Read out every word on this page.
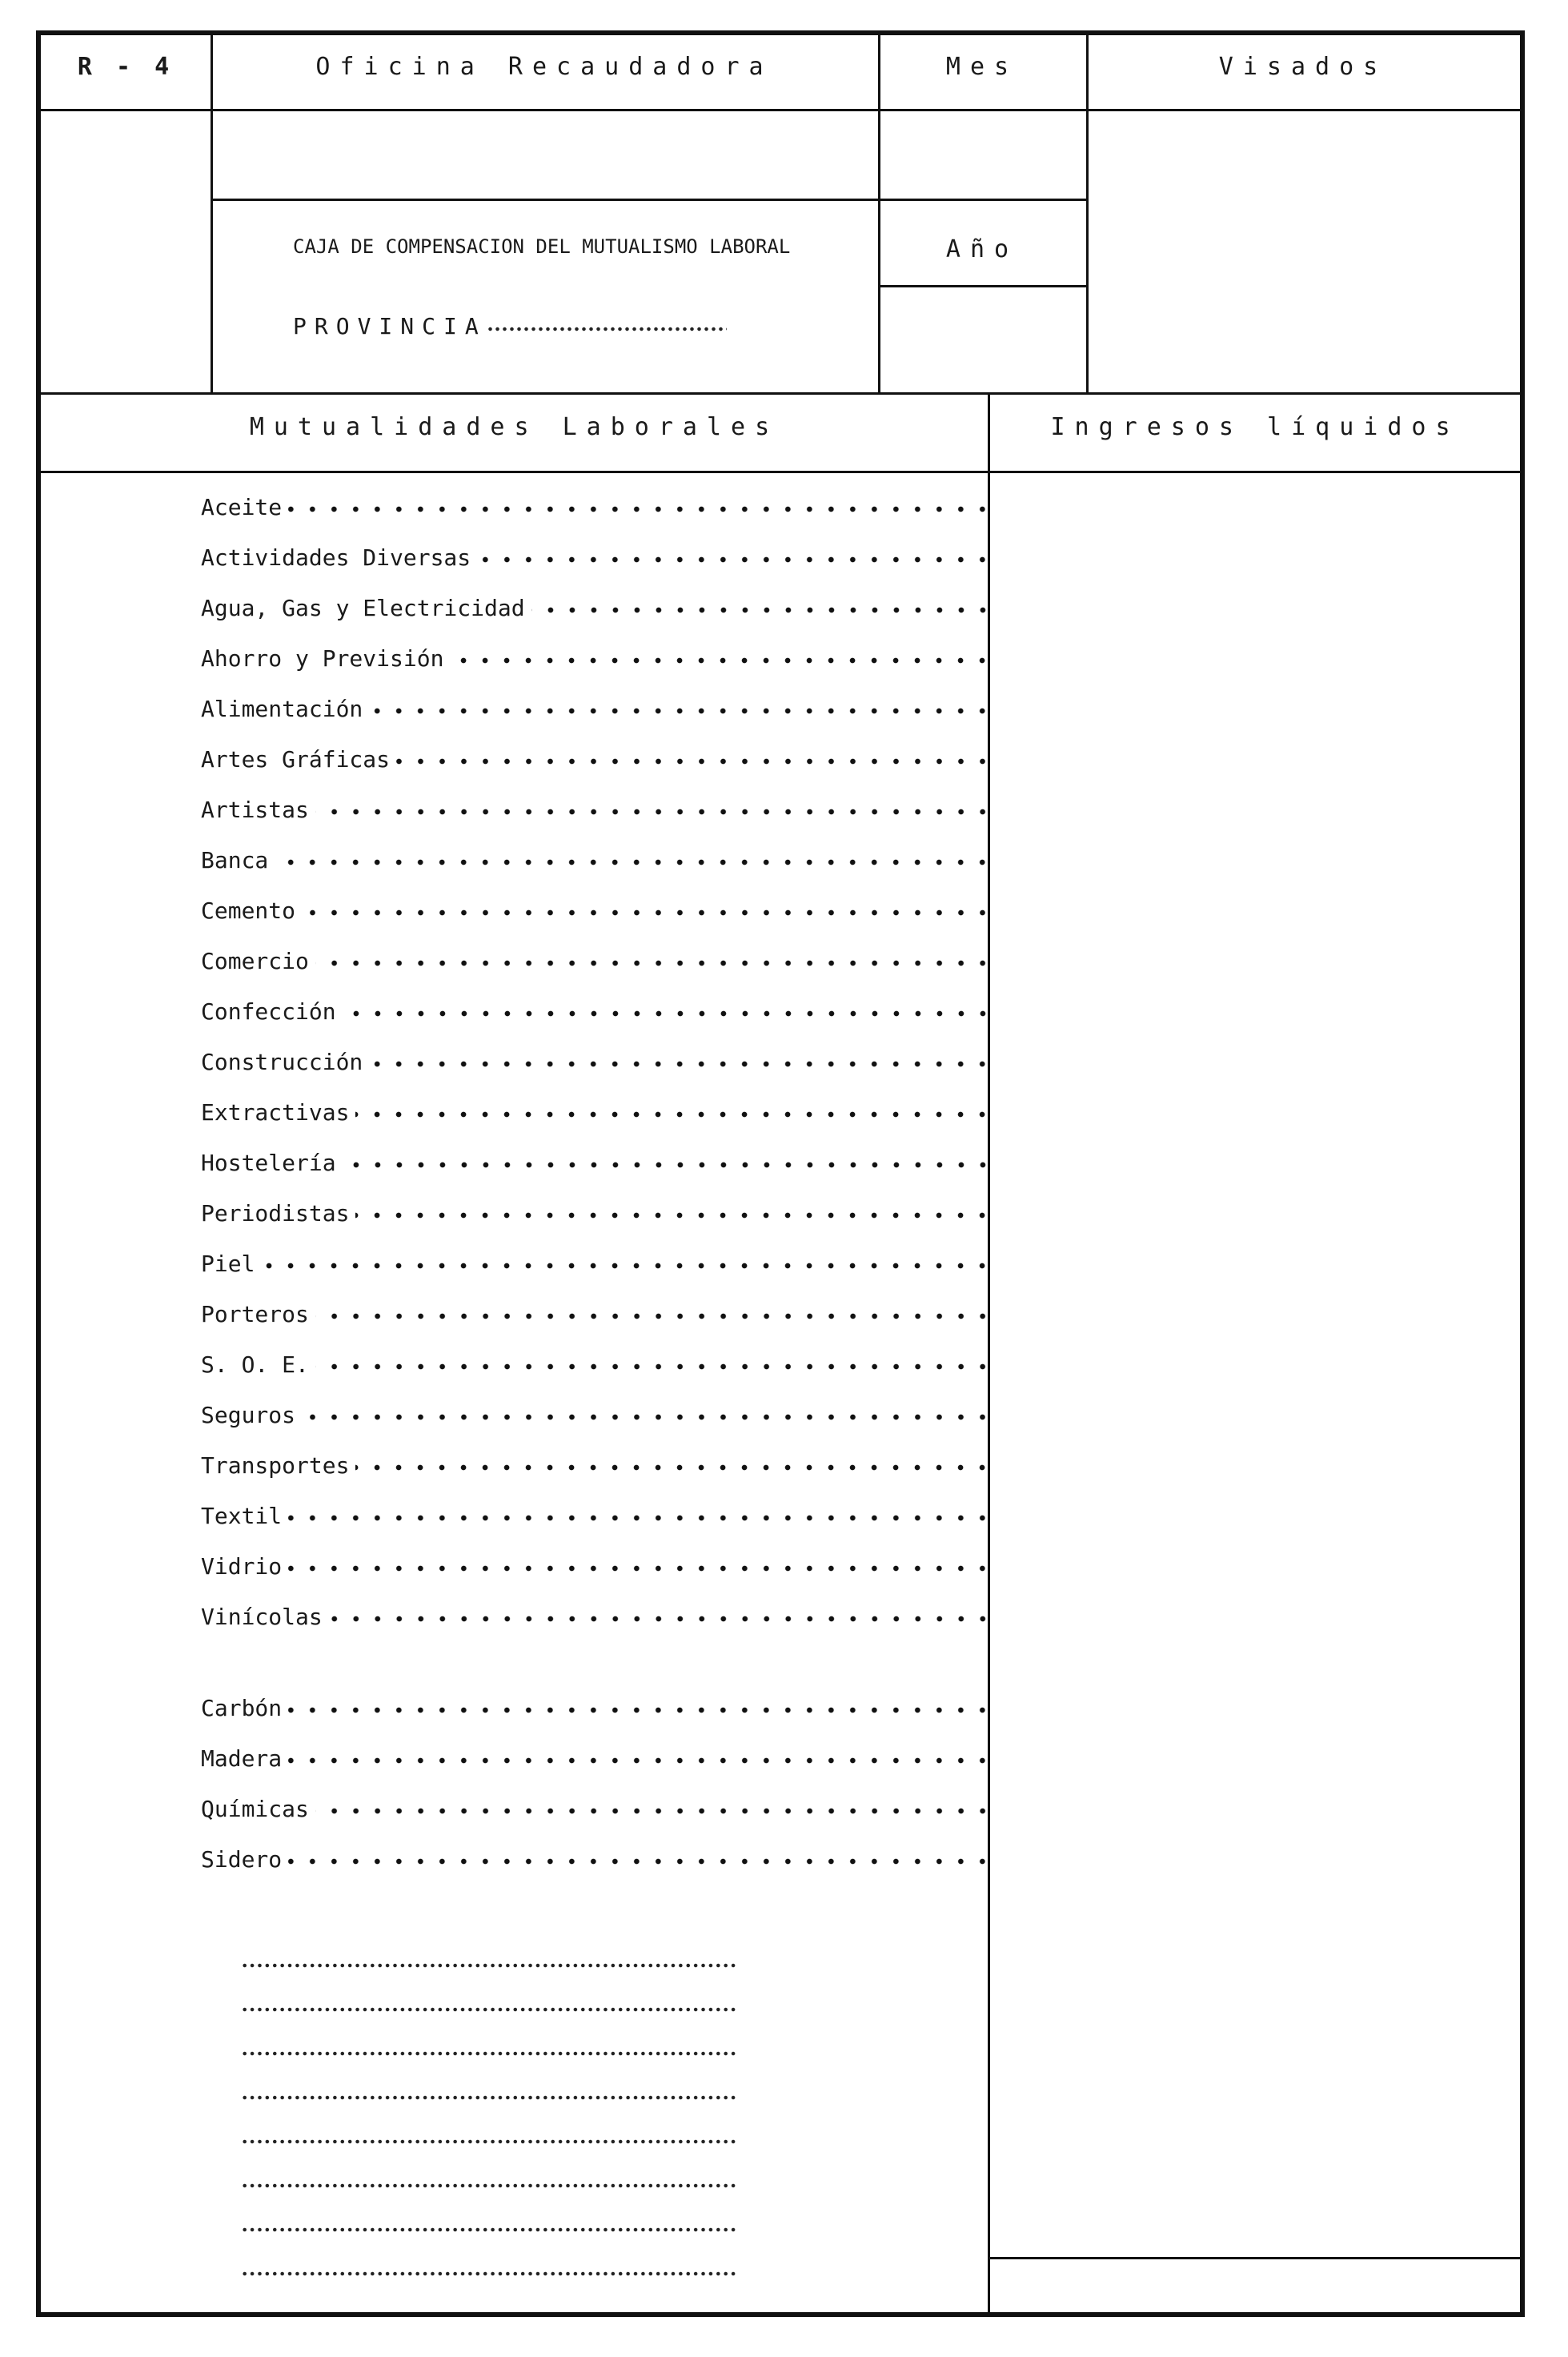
R - 4	Oficina Recaudadora	Mes	Visados
CAJA DE COMPENSACION DEL MUTUALISMO LABORAL
PROVINCIA
Año
Mutualidades Laborales	Ingresos líquidos
Aceite
Actividades Diversas
Agua, Gas y Electricidad
Ahorro y Previsión
Alimentación
Artes Gráficas
Artistas
Banca
Cemento
Comercio
Confección
Construcción
Extractivas
Hostelería
Periodistas
Piel
Porteros
S. O. E.
Seguros
Transportes
Textil
Vidrio
Vinícolas
Carbón
Madera
Químicas
Sidero
